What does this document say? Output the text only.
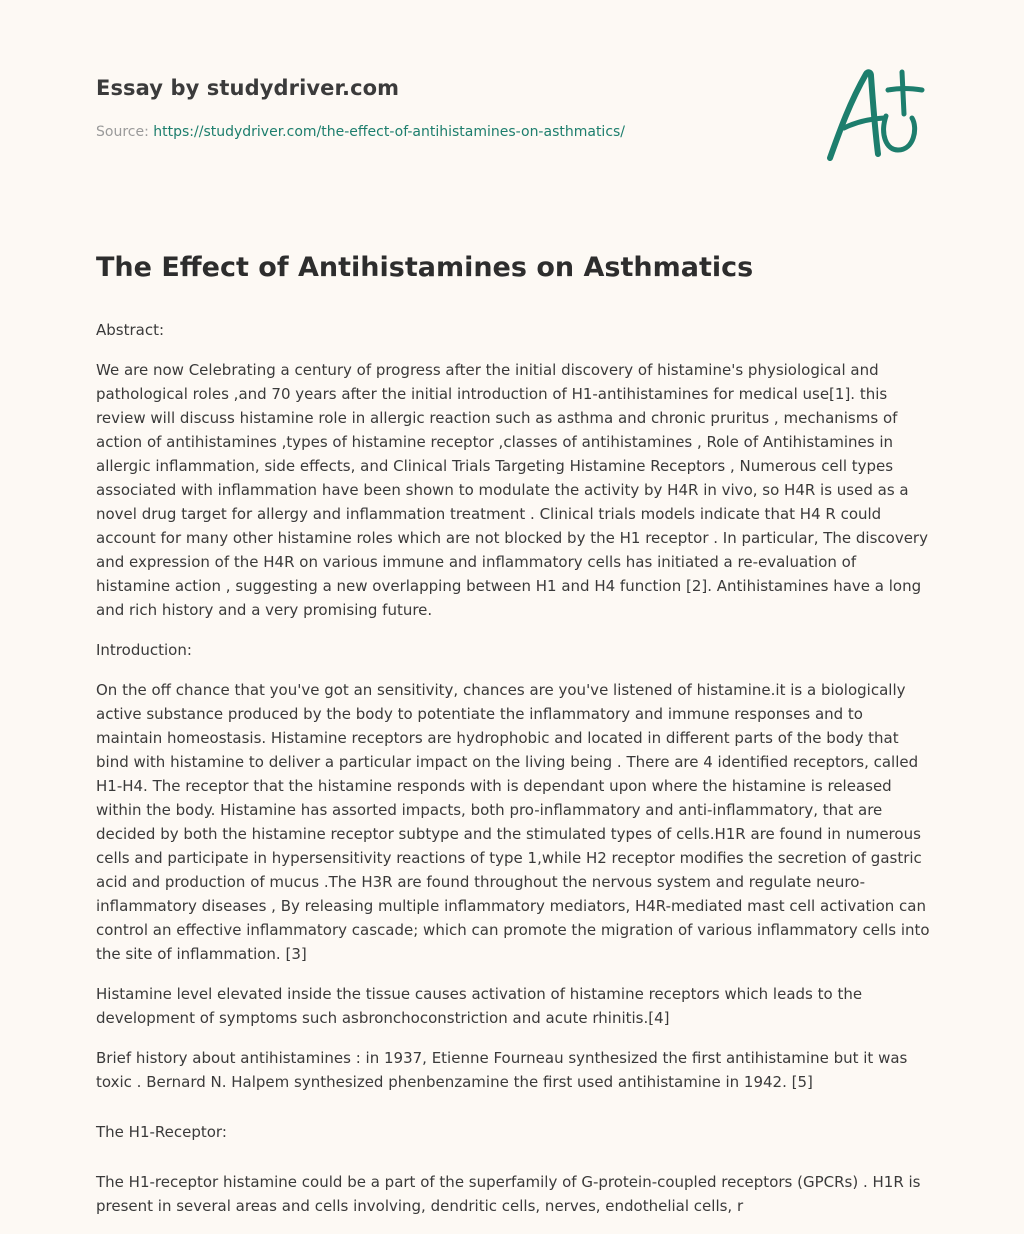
Essay by studydriver.com

Source: https://studydriver.com/the-effect-of-antihistamines-on-asthmatics/
The Effect of Antihistamines on Asthmatics

Abstract:

We are now Celebrating a century of progress after the initial discovery of histamine's physiological and pathological roles ,and 70 years after the initial introduction of H1-antihistamines for medical use[1]. this review will discuss histamine role in allergic reaction such as asthma and chronic pruritus , mechanisms of action of antihistamines ,types of histamine receptor ,classes of antihistamines , Role of Antihistamines in allergic inflammation, side effects, and Clinical Trials Targeting Histamine Receptors , Numerous cell types associated with inflammation have been shown to modulate the activity by H4R in vivo, so H4R is used as a novel drug target for allergy and inflammation treatment . Clinical trials models indicate that H4 R could account for many other histamine roles which are not blocked by the H1 receptor . In particular, The discovery and expression of the H4R on various immune and inflammatory cells has initiated a re-evaluation of histamine action , suggesting a new overlapping between H1 and H4 function [2]. Antihistamines have a long and rich history and a very promising future.

Introduction:

On the off chance that you've got an sensitivity, chances are you've listened of histamine.it is a biologically active substance produced by the body to potentiate the inflammatory and immune responses and to maintain homeostasis. Histamine receptors are hydrophobic and located in different parts of the body that bind with histamine to deliver a particular impact on the living being . There are 4 identified receptors, called H1-H4. The receptor that the histamine responds with is dependant upon where the histamine is released within the body. Histamine has assorted impacts, both pro-inflammatory and anti-inflammatory, that are decided by both the histamine receptor subtype and the stimulated types of cells.H1R are found in numerous cells and participate in hypersensitivity reactions of type 1,while H2 receptor modifies the secretion of gastric acid and production of mucus .The H3R are found throughout the nervous system and regulate neuro-inflammatory diseases , By releasing multiple inflammatory mediators, H4R-mediated mast cell activation can control an effective inflammatory cascade; which can promote the migration of various inflammatory cells into the site of inflammation. [3]

Histamine level elevated inside the tissue causes activation of histamine receptors which leads to the development of symptoms such asbronchoconstriction and acute rhinitis.[4]

Brief history about antihistamines : in 1937, Etienne Fourneau synthesized the first antihistamine but it was toxic . Bernard N. Halpem synthesized phenbenzamine the first used antihistamine in 1942. [5]

The H1-Receptor:

The H1-receptor histamine could be a part of the superfamily of G-protein-coupled receptors (GPCRs) . H1R is present in several areas and cells involving, dendritic cells, nerves, endothelial cells, r
